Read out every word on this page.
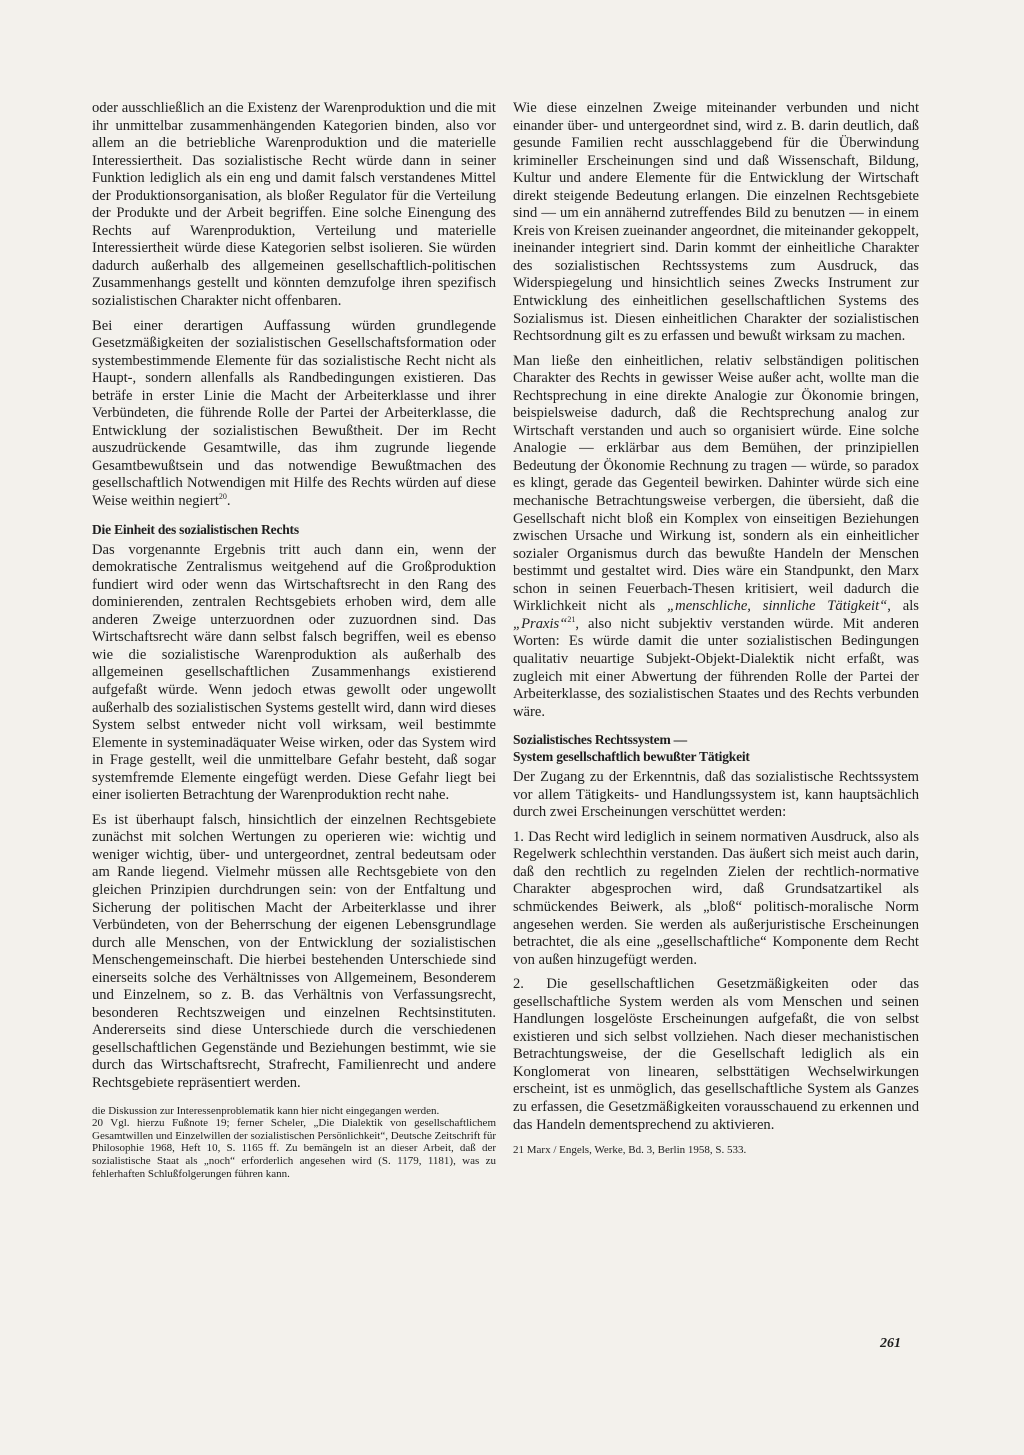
oder ausschließlich an die Existenz der Warenproduktion und die mit ihr unmittelbar zusammenhängenden Kategorien binden, also vor allem an die betriebliche Warenproduktion und die materielle Interessiertheit. Das sozialistische Recht würde dann in seiner Funktion lediglich als ein eng und damit falsch verstandenes Mittel der Produktionsorganisation, als bloßer Regulator für die Verteilung der Produkte und der Arbeit begriffen. Eine solche Einengung des Rechts auf Warenproduktion, Verteilung und materielle Interessiertheit würde diese Kategorien selbst isolieren. Sie würden dadurch außerhalb des allgemeinen gesellschaftlich-politischen Zusammenhangs gestellt und könnten demzufolge ihren spezifisch sozialistischen Charakter nicht offenbaren.

Bei einer derartigen Auffassung würden grundlegende Gesetzmäßigkeiten der sozialistischen Gesellschaftsformation oder systembestimmende Elemente für das sozialistische Recht nicht als Haupt-, sondern allenfalls als Randbedingungen existieren. Das beträfe in erster Linie die Macht der Arbeiterklasse und ihrer Verbündeten, die führende Rolle der Partei der Arbeiterklasse, die Entwicklung der sozialistischen Bewußtheit. Der im Recht auszudrückende Gesamtwille, das ihm zugrunde liegende Gesamtbewußtsein und das notwendige Bewußtmachen des gesellschaftlich Notwendigen mit Hilfe des Rechts würden auf diese Weise weithin negiert$^{20}$.

Die Einheit des sozialistischen Rechts

Das vorgenannte Ergebnis tritt auch dann ein, wenn der demokratische Zentralismus weitgehend auf die Großproduktion fundiert wird oder wenn das Wirtschaftsrecht in den Rang des dominierenden, zentralen Rechtsgebiets erhoben wird, dem alle anderen Zweige unterzuordnen oder zuzuordnen sind. Das Wirtschaftsrecht wäre dann selbst falsch begriffen, weil es ebenso wie die sozialistische Warenproduktion als außerhalb des allgemeinen gesellschaftlichen Zusammenhangs existierend aufgefaßt würde. Wenn jedoch etwas gewollt oder ungewollt außerhalb des sozialistischen Systems gestellt wird, dann wird dieses System selbst entweder nicht voll wirksam, weil bestimmte Elemente in systeminadäquater Weise wirken, oder das System wird in Frage gestellt, weil die unmittelbare Gefahr besteht, daß sogar systemfremde Elemente eingefügt werden. Diese Gefahr liegt bei einer isolierten Betrachtung der Warenproduktion recht nahe.

Es ist überhaupt falsch, hinsichtlich der einzelnen Rechtsgebiete zunächst mit solchen Wertungen zu operieren wie: wichtig und weniger wichtig, über- und untergeordnet, zentral bedeutsam oder am Rande liegend. Vielmehr müssen alle Rechtsgebiete von den gleichen Prinzipien durchdrungen sein: von der Entfaltung und Sicherung der politischen Macht der Arbeiterklasse und ihrer Verbündeten, von der Beherrschung der eigenen Lebensgrundlage durch alle Menschen, von der Entwicklung der sozialistischen Menschengemeinschaft. Die hierbei bestehenden Unterschiede sind einerseits solche des Verhältnisses von Allgemeinem, Besonderem und Einzelnem, so z. B. das Verhältnis von Verfassungsrecht, besonderen Rechtszweigen und einzelnen Rechtsinstituten. Andererseits sind diese Unterschiede durch die verschiedenen gesellschaftlichen Gegenstände und Beziehungen bestimmt, wie sie durch das Wirtschaftsrecht, Strafrecht, Familienrecht und andere Rechtsgebiete repräsentiert werden.

die Diskussion zur Interessenproblematik kann hier nicht eingegangen werden.

20 Vgl. hierzu Fußnote 19; ferner Scheler, „Die Dialektik von gesellschaftlichem Gesamtwillen und Einzelwillen der sozialistischen Persönlichkeit“, Deutsche Zeitschrift für Philosophie 1968, Heft 10, S. 1165 ff. Zu bemängeln ist an dieser Arbeit, daß der sozialistische Staat als „noch“ erforderlich angesehen wird (S. 1179, 1181), was zu fehlerhaften Schlußfolgerungen führen kann.

Wie diese einzelnen Zweige miteinander verbunden und nicht einander über- und untergeordnet sind, wird z. B. darin deutlich, daß gesunde Familien recht ausschlaggebend für die Überwindung krimineller Erscheinungen sind und daß Wissenschaft, Bildung, Kultur und andere Elemente für die Entwicklung der Wirtschaft direkt steigende Bedeutung erlangen. Die einzelnen Rechtsgebiete sind — um ein annähernd zutreffendes Bild zu benutzen — in einem Kreis von Kreisen zueinander angeordnet, die miteinander gekoppelt, ineinander integriert sind. Darin kommt der einheitliche Charakter des sozialistischen Rechtssystems zum Ausdruck, das Widerspiegelung und hinsichtlich seines Zwecks Instrument zur Entwicklung des einheitlichen gesellschaftlichen Systems des Sozialismus ist. Diesen einheitlichen Charakter der sozialistischen Rechtsordnung gilt es zu erfassen und bewußt wirksam zu machen.

Man ließe den einheitlichen, relativ selbständigen politischen Charakter des Rechts in gewisser Weise außer acht, wollte man die Rechtsprechung in eine direkte Analogie zur Ökonomie bringen, beispielsweise dadurch, daß die Rechtsprechung analog zur Wirtschaft verstanden und auch so organisiert würde. Eine solche Analogie — erklärbar aus dem Bemühen, der prinzipiellen Bedeutung der Ökonomie Rechnung zu tragen — würde, so paradox es klingt, gerade das Gegenteil bewirken. Dahinter würde sich eine mechanische Betrachtungsweise verbergen, die übersieht, daß die Gesellschaft nicht bloß ein Komplex von einseitigen Beziehungen zwischen Ursache und Wirkung ist, sondern als ein einheitlicher sozialer Organismus durch das bewußte Handeln der Menschen bestimmt und gestaltet wird. Dies wäre ein Standpunkt, den Marx schon in seinen Feuerbach-Thesen kritisiert, weil dadurch die Wirklichkeit nicht als „menschliche, sinnliche Tätigkeit“, als „Praxis“$^{21}$, also nicht subjektiv verstanden würde. Mit anderen Worten: Es würde damit die unter sozialistischen Bedingungen qualitativ neuartige Subjekt-Objekt-Dialektik nicht erfaßt, was zugleich mit einer Abwertung der führenden Rolle der Partei der Arbeiterklasse, des sozialistischen Staates und des Rechts verbunden wäre.

Sozialistisches Rechtssystem —
System gesellschaftlich bewußter Tätigkeit

Der Zugang zu der Erkenntnis, daß das sozialistische Rechtssystem vor allem Tätigkeits- und Handlungssystem ist, kann hauptsächlich durch zwei Erscheinungen verschüttet werden:

1. Das Recht wird lediglich in seinem normativen Ausdruck, also als Regelwerk schlechthin verstanden. Das äußert sich meist auch darin, daß den rechtlich zu regelnden Zielen der rechtlich-normative Charakter abgesprochen wird, daß Grundsatzartikel als schmückendes Beiwerk, als „bloß“ politisch-moralische Norm angesehen werden. Sie werden als außerjuristische Erscheinungen betrachtet, die als eine „gesellschaftliche“ Komponente dem Recht von außen hinzugefügt werden.

2. Die gesellschaftlichen Gesetzmäßigkeiten oder das gesellschaftliche System werden als vom Menschen und seinen Handlungen losgelöste Erscheinungen aufgefaßt, die von selbst existieren und sich selbst vollziehen. Nach dieser mechanistischen Betrachtungsweise, der die Gesellschaft lediglich als ein Konglomerat von linearen, selbsttätigen Wechselwirkungen erscheint, ist es unmöglich, das gesellschaftliche System als Ganzes zu erfassen, die Gesetzmäßigkeiten vorausschauend zu erkennen und das Handeln dementsprechend zu aktivieren.

21 Marx / Engels, Werke, Bd. 3, Berlin 1958, S. 533.

261
